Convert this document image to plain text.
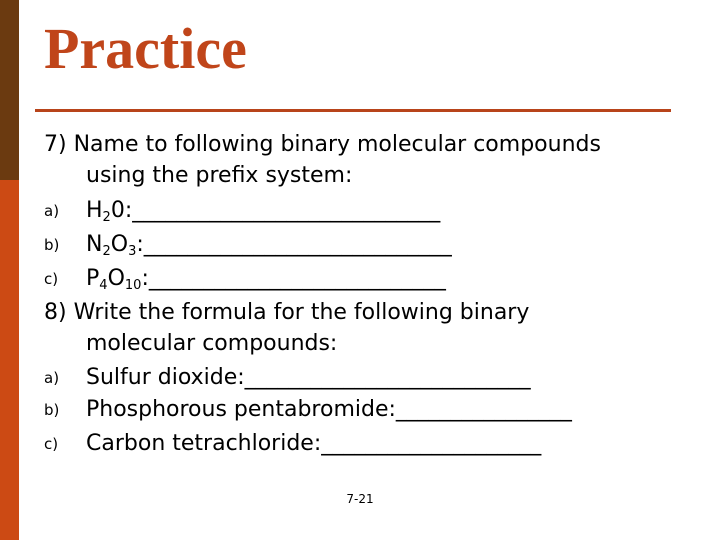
Practice
7) Name to following binary molecular compounds
using the prefix system:
a) $H_20:\_\_\_\_\_\_\_\_\_\_\_\_\_\_\_\_\_\_\_\_\_\_\_\_\_\_\_\_$
b) $N_2O_3:\_\_\_\_\_\_\_\_\_\_\_\_\_\_\_\_\_\_\_\_\_\_\_\_\_\_\_\_$
c) $P_4O_{10}:\_\_\_\_\_\_\_\_\_\_\_\_\_\_\_\_\_\_\_\_\_\_\_\_\_\_\_$
8) Write the formula for the following binary
molecular compounds:
a) Sulfur dioxide:__________________________
b) Phosphorous pentabromide:________________
c) Carbon tetrachloride:____________________
7-21
